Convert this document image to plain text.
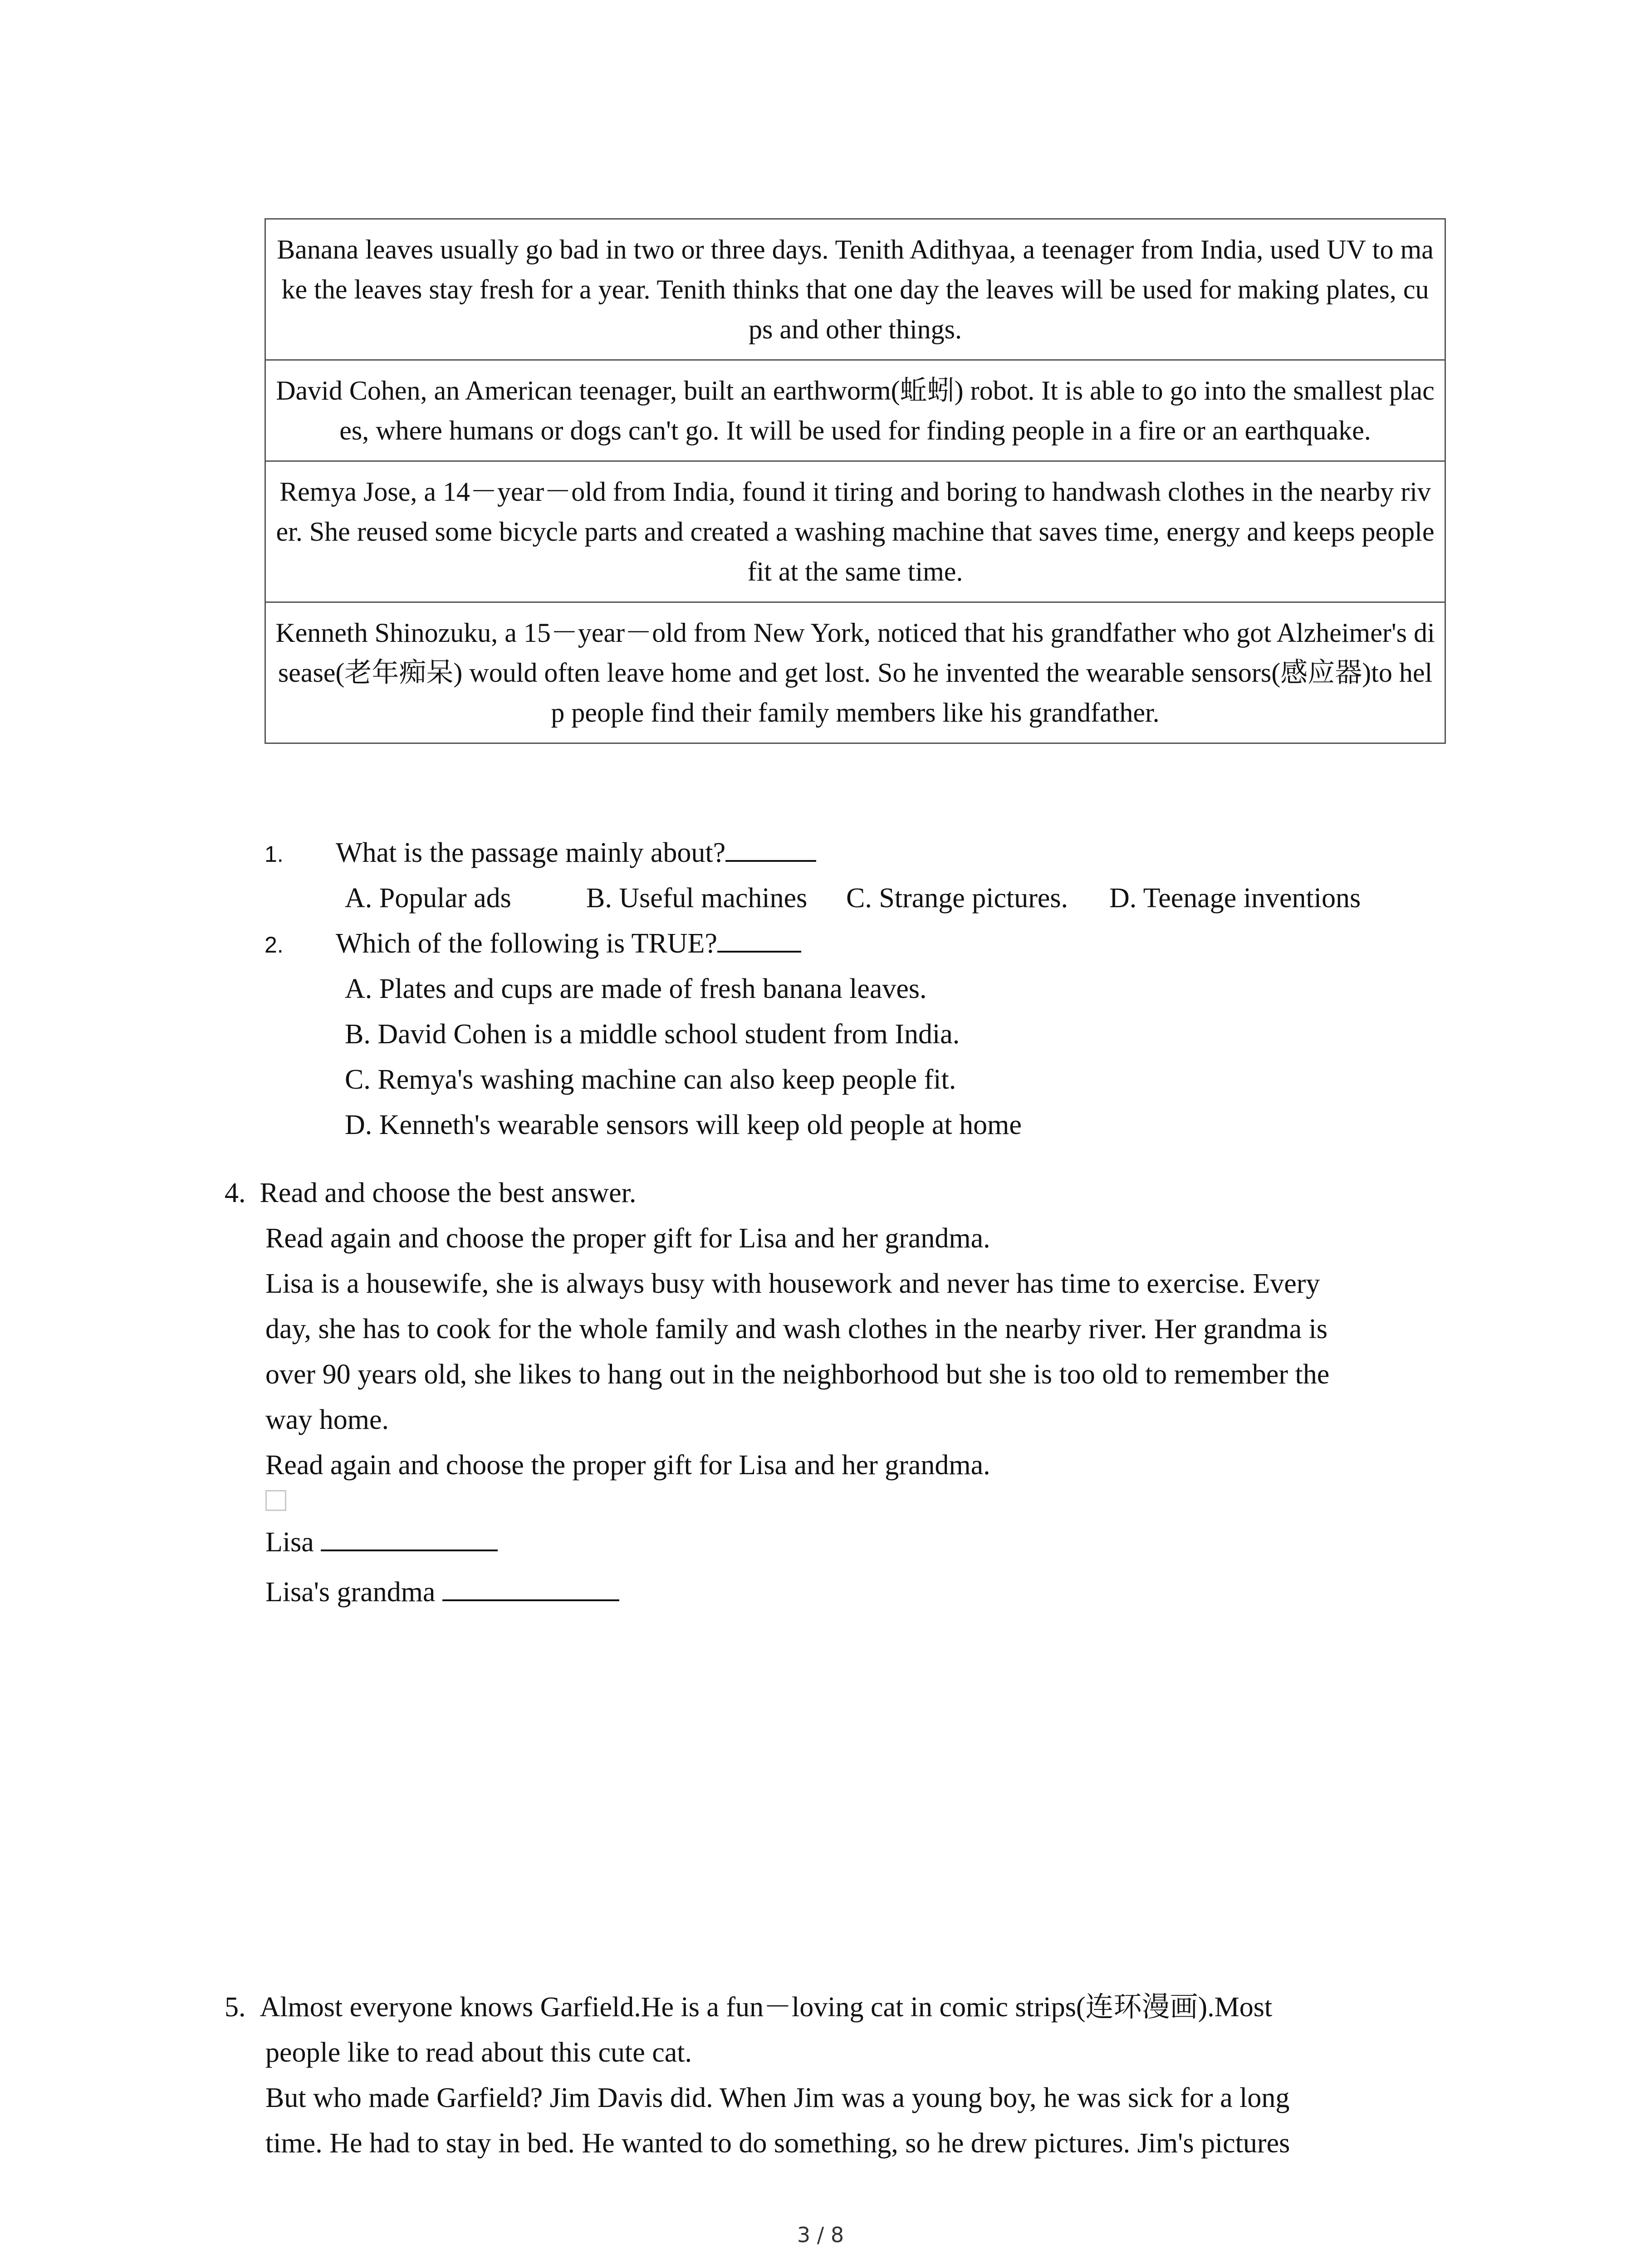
Banana leaves usually go bad in two or three days. Tenith Adithyaa, a teenager from India, used UV to make the leaves stay fresh for a year. Tenith thinks that one day the leaves will be used for making plates, cups and other things.
David Cohen, an American teenager, built an earthworm(蚯蚓) robot. It is able to go into the smallest places, where humans or dogs can't go. It will be used for finding people in a fire or an earthquake.
Remya Jose, a 14－year－old from India, found it tiring and boring to handwash clothes in the nearby river. She reused some bicycle parts and created a washing machine that saves time, energy and keeps people fit at the same time.
Kenneth Shinozuku, a 15－year－old from New York, noticed that his grandfather who got Alzheimer's disease(老年痴呆) would often leave home and get lost. So he invented the wearable sensors(感应器)to help people find their family members like his grandfather.
1. What is the passage mainly about?
A. Popular ads	B. Useful machines C. Strange pictures. D. Teenage inventions
2. Which of the following is TRUE?
A. Plates and cups are made of fresh banana leaves.
B. David Cohen is a middle school student from India.
C. Remya's washing machine can also keep people fit.
D. Kenneth's wearable sensors will keep old people at home
4. Read and choose the best answer.
Read again and choose the proper gift for Lisa and her grandma.
Lisa is a housewife, she is always busy with housework and never has time to exercise. Every
day, she has to cook for the whole family and wash clothes in the nearby river. Her grandma is
over 90 years old, she likes to hang out in the neighborhood but she is too old to remember the
way home.
Read again and choose the proper gift for Lisa and her grandma.
Lisa
Lisa's grandma
5. Almost everyone knows Garfield.He is a fun－loving cat in comic strips(连环漫画).Most
people like to read about this cute cat.
But who made Garfield? Jim Davis did. When Jim was a young boy, he was sick for a long
time. He had to stay in bed. He wanted to do something, so he drew pictures. Jim's pictures
3 / 8
